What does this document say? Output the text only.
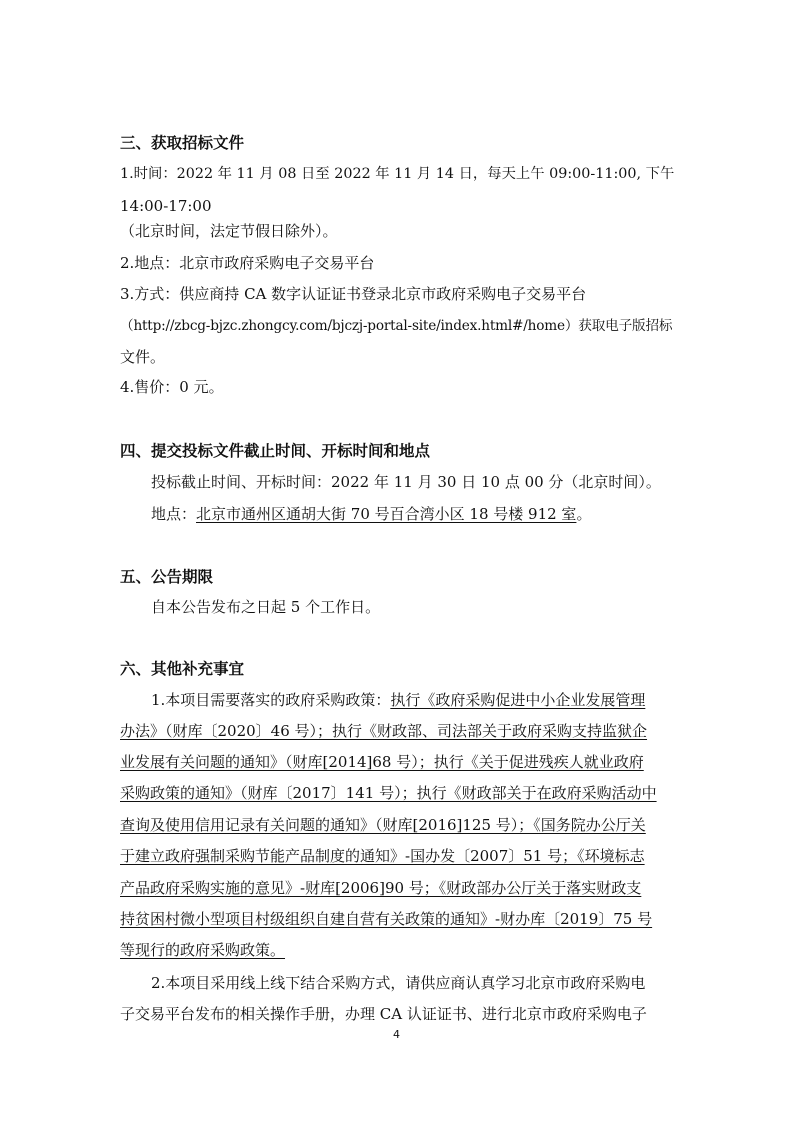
三、获取招标文件
1.时间：2022 年 11 月 08 日至 2022 年 11 月 14 日，每天上午 09:00-11:00, 下午
14:00-17:00
（北京时间，法定节假日除外）。
2.地点：北京市政府采购电子交易平台
3.方式：供应商持 CA 数字认证证书登录北京市政府采购电子交易平台
（http://zbcg-bjzc.zhongcy.com/bjczj-portal-site/index.html#/home）获取电子版招标
文件。
4.售价：0 元。
四、提交投标文件截止时间、开标时间和地点
投标截止时间、开标时间：2022 年 11 月 30 日 10 点 00 分（北京时间）。
地点：北京市通州区通胡大街 70 号百合湾小区 18 号楼 912 室。
五、公告期限
自本公告发布之日起 5 个工作日。
六、其他补充事宜
1.本项目需要落实的政府采购政策：执行《政府采购促进中小企业发展管理
办法》（财库〔2020〕46 号）；执行《财政部、司法部关于政府采购支持监狱企
业发展有关问题的通知》（财库[2014]68 号）；执行《关于促进残疾人就业政府
采购政策的通知》（财库〔2017〕141 号）；执行《财政部关于在政府采购活动中
查询及使用信用记录有关问题的通知》（财库[2016]125 号）；《国务院办公厅关
于建立政府强制采购节能产品制度的通知》-国办发〔2007〕51 号；《环境标志
产品政府采购实施的意见》-财库[2006]90 号；《财政部办公厅关于落实财政支
持贫困村微小型项目村级组织自建自营有关政策的通知》-财办库〔2019〕75 号
等现行的政府采购政策。
2.本项目采用线上线下结合采购方式，请供应商认真学习北京市政府采购电
子交易平台发布的相关操作手册，办理 CA 认证证书、进行北京市政府采购电子
4
